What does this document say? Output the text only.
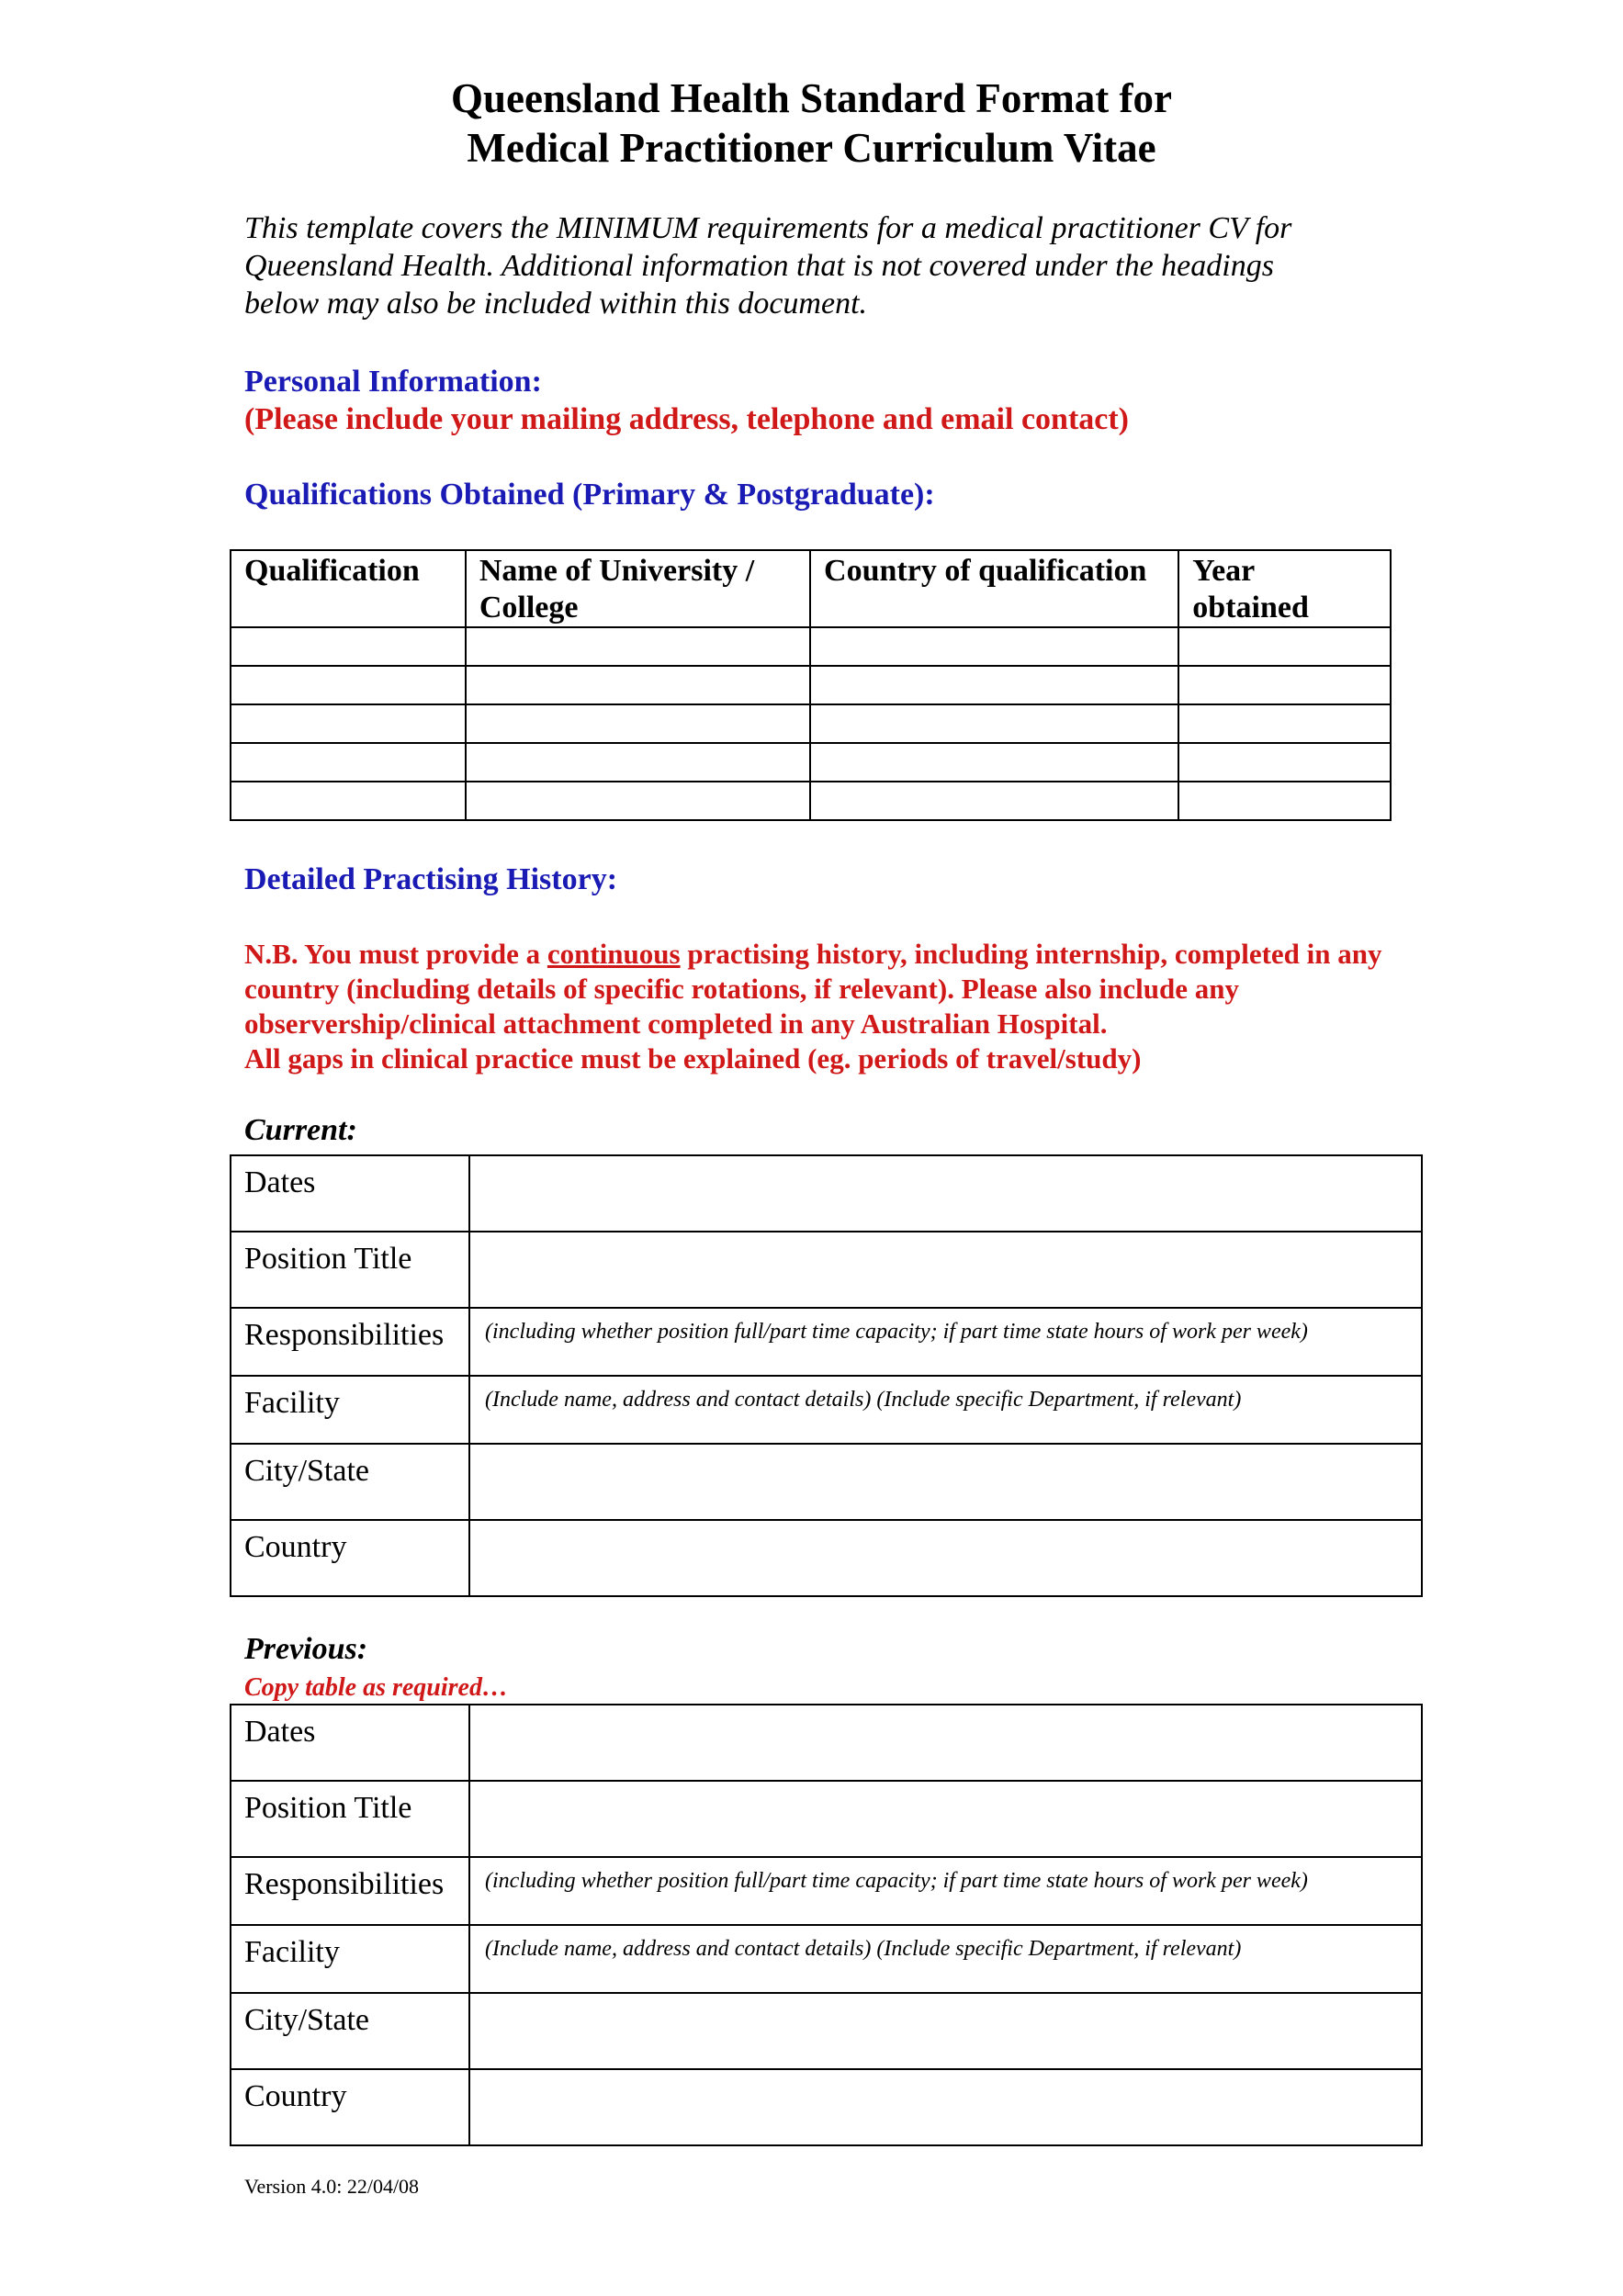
Queensland Health Standard Format for
Medical Practitioner Curriculum Vitae
This template covers the MINIMUM requirements for a medical practitioner CV for
Queensland Health. Additional information that is not covered under the headings
below may also be included within this document.
Personal Information:
(Please include your mailing address, telephone and email contact)
Qualifications Obtained (Primary & Postgraduate):
Qualification	Name of University / College	Country of qualification	Year obtained

Detailed Practising History:
N.B. You must provide a continuous practising history, including internship, completed in any country (including details of specific rotations, if relevant). Please also include any observership/clinical attachment completed in any Australian Hospital.
All gaps in clinical practice must be explained (eg. periods of travel/study)
Current:
Dates	
Position Title	
Responsibilities	(including whether position full/part time capacity; if part time state hours of work per week)
Facility	(Include name, address and contact details) (Include specific Department, if relevant)
City/State	
Country	
Previous:
Copy table as required…
Dates	
Position Title	
Responsibilities	(including whether position full/part time capacity; if part time state hours of work per week)
Facility	(Include name, address and contact details) (Include specific Department, if relevant)
City/State	
Country	
Version 4.0: 22/04/08
